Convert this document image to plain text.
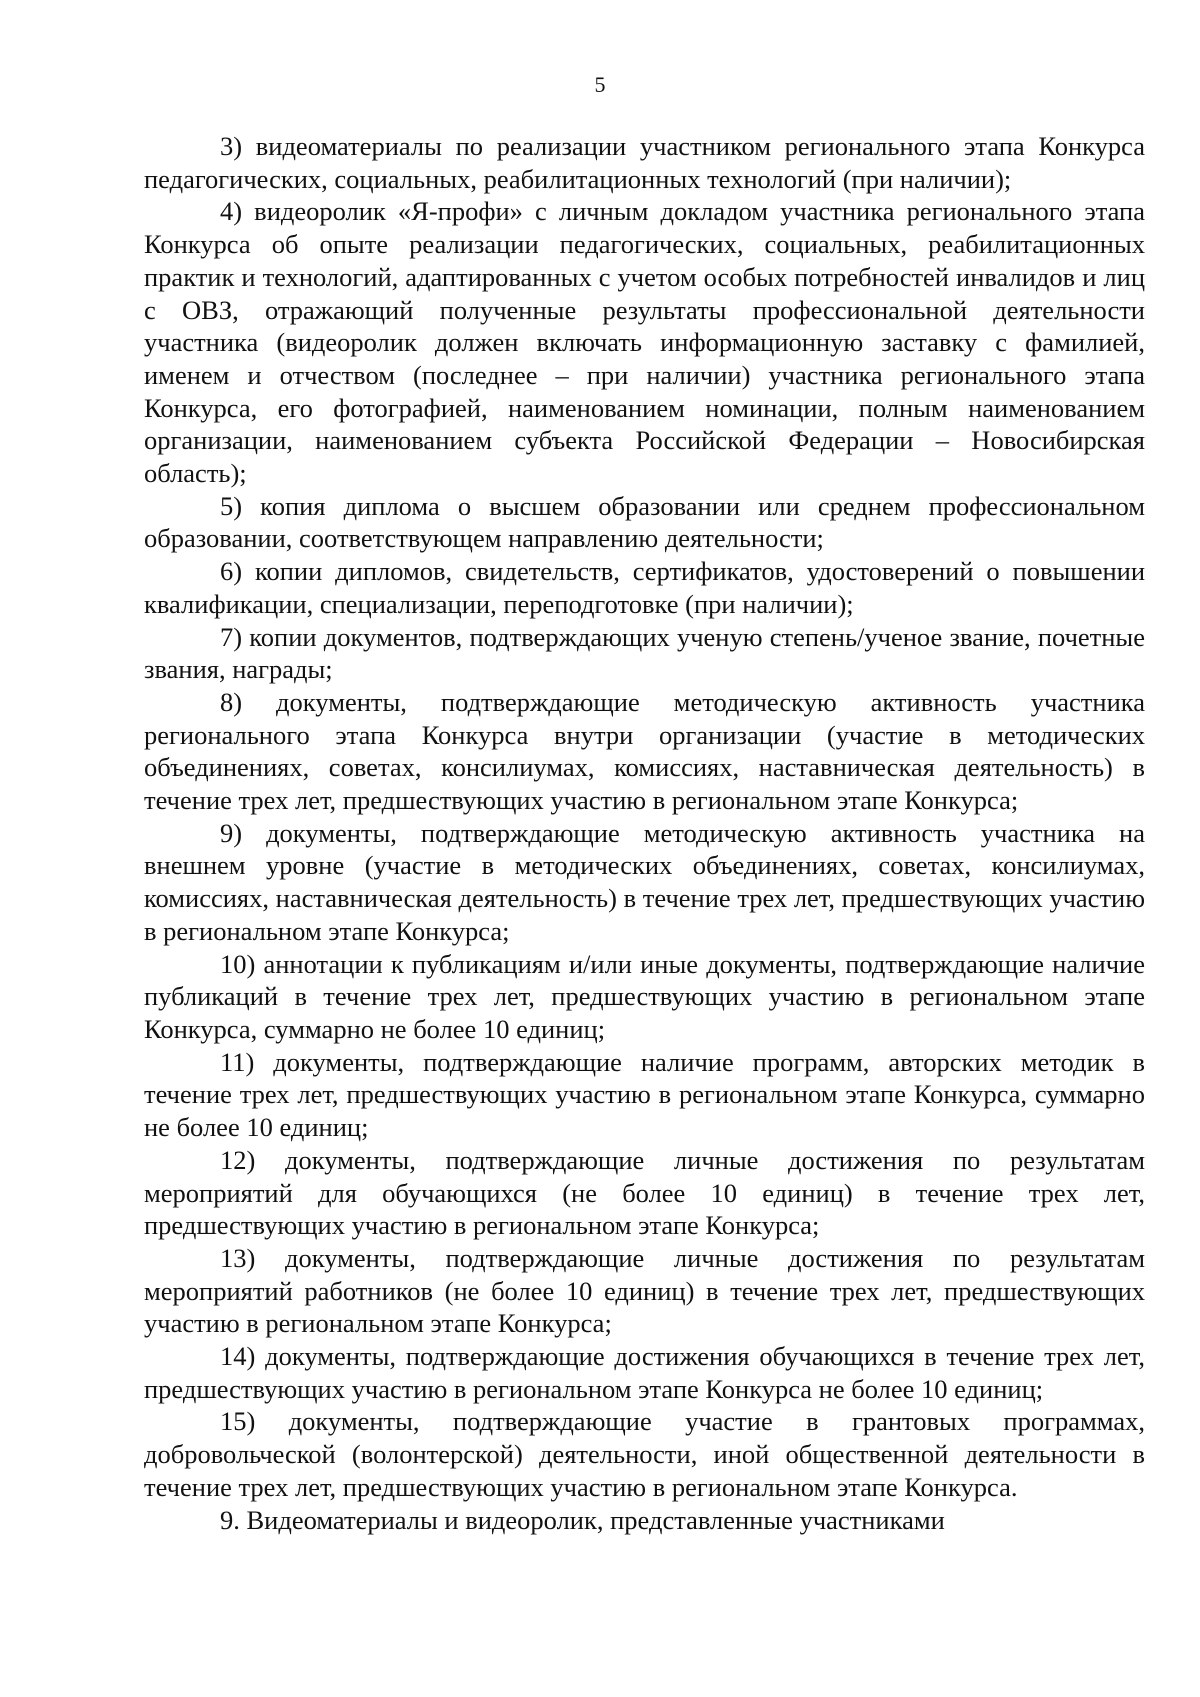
5

3) видеоматериалы по реализации участником регионального этапа Конкурса педагогических, социальных, реабилитационных технологий (при наличии);

4) видеоролик «Я-профи» с личным докладом участника регионального этапа Конкурса об опыте реализации педагогических, социальных, реабилитационных практик и технологий, адаптированных с учетом особых потребностей инвалидов и лиц с ОВЗ, отражающий полученные результаты профессиональной деятельности участника (видеоролик должен включать информационную заставку с фамилией, именем и отчеством (последнее – при наличии) участника регионального этапа Конкурса, его фотографией, наименованием номинации, полным наименованием организации, наименованием субъекта Российской Федерации – Новосибирская область);

5) копия диплома о высшем образовании или среднем профессиональном образовании, соответствующем направлению деятельности;

6) копии дипломов, свидетельств, сертификатов, удостоверений о повышении квалификации, специализации, переподготовке (при наличии);

7) копии документов, подтверждающих ученую степень/ученое звание, почетные звания, награды;

8) документы, подтверждающие методическую активность участника регионального этапа Конкурса внутри организации (участие в методических объединениях, советах, консилиумах, комиссиях, наставническая деятельность) в течение трех лет, предшествующих участию в региональном этапе Конкурса;

9) документы, подтверждающие методическую активность участника на внешнем уровне (участие в методических объединениях, советах, консилиумах, комиссиях, наставническая деятельность) в течение трех лет, предшествующих участию в региональном этапе Конкурса;

10) аннотации к публикациям и/или иные документы, подтверждающие наличие публикаций в течение трех лет, предшествующих участию в региональном этапе Конкурса, суммарно не более 10 единиц;

11) документы, подтверждающие наличие программ, авторских методик в течение трех лет, предшествующих участию в региональном этапе Конкурса, суммарно не более 10 единиц;

12) документы, подтверждающие личные достижения по результатам мероприятий для обучающихся (не более 10 единиц) в течение трех лет, предшествующих участию в региональном этапе Конкурса;

13) документы, подтверждающие личные достижения по результатам мероприятий работников (не более 10 единиц) в течение трех лет, предшествующих участию в региональном этапе Конкурса;

14) документы, подтверждающие достижения обучающихся в течение трех лет, предшествующих участию в региональном этапе Конкурса не более 10 единиц;

15) документы, подтверждающие участие в грантовых программах, добровольческой (волонтерской) деятельности, иной общественной деятельности в течение трех лет, предшествующих участию в региональном этапе Конкурса.

9. Видеоматериалы и видеоролик, представленные участниками
